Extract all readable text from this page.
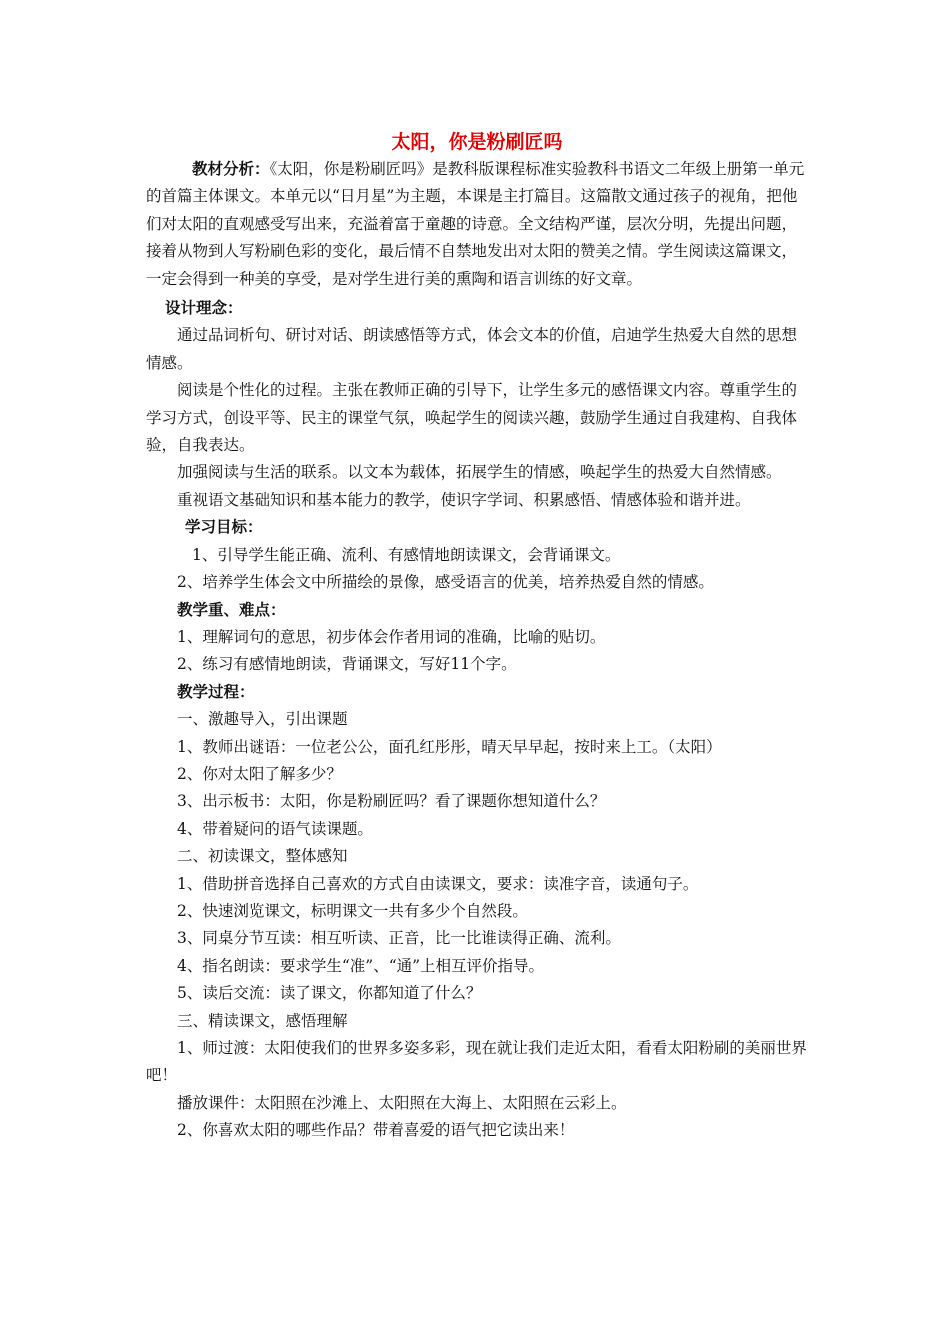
太阳，你是粉刷匠吗

教材分析：《太阳，你是粉刷匠吗》是教科版课程标准实验教科书语文二年级上册第一单元的首篇主体课文。本单元以“日月星”为主题，本课是主打篇目。这篇散文通过孩子的视角，把他们对太阳的直观感受写出来，充溢着富于童趣的诗意。全文结构严谨，层次分明，先提出问题，接着从物到人写粉刷色彩的变化，最后情不自禁地发出对太阳的赞美之情。学生阅读这篇课文，一定会得到一种美的享受，是对学生进行美的熏陶和语言训练的好文章。

设计理念：

通过品词析句、研讨对话、朗读感悟等方式，体会文本的价值，启迪学生热爱大自然的思想情感。

阅读是个性化的过程。主张在教师正确的引导下，让学生多元的感悟课文内容。尊重学生的学习方式，创设平等、民主的课堂气氛，唤起学生的阅读兴趣，鼓励学生通过自我建构、自我体验，自我表达。

加强阅读与生活的联系。以文本为载体，拓展学生的情感，唤起学生的热爱大自然情感。

重视语文基础知识和基本能力的教学，使识字学词、积累感悟、情感体验和谐并进。

学习目标：

1、引导学生能正确、流利、有感情地朗读课文，会背诵课文。

2、培养学生体会文中所描绘的景像，感受语言的优美，培养热爱自然的情感。

教学重、难点：

1、理解词句的意思，初步体会作者用词的准确，比喻的贴切。

2、练习有感情地朗读，背诵课文，写好11个字。

教学过程：

一、激趣导入，引出课题

1、教师出谜语：一位老公公，面孔红彤彤，晴天早早起，按时来上工。（太阳）

2、你对太阳了解多少？

3、出示板书：太阳，你是粉刷匠吗？看了课题你想知道什么？

4、带着疑问的语气读课题。

二、初读课文，整体感知

1、借助拼音选择自己喜欢的方式自由读课文，要求：读准字音，读通句子。

2、快速浏览课文，标明课文一共有多少个自然段。

3、同桌分节互读：相互听读、正音，比一比谁读得正确、流利。

4、指名朗读：要求学生“准”、“通”上相互评价指导。

5、读后交流：读了课文，你都知道了什么？

三、精读课文，感悟理解

1、师过渡：太阳使我们的世界多姿多彩，现在就让我们走近太阳，看看太阳粉刷的美丽世界吧！

播放课件：太阳照在沙滩上、太阳照在大海上、太阳照在云彩上。

2、你喜欢太阳的哪些作品？带着喜爱的语气把它读出来！
